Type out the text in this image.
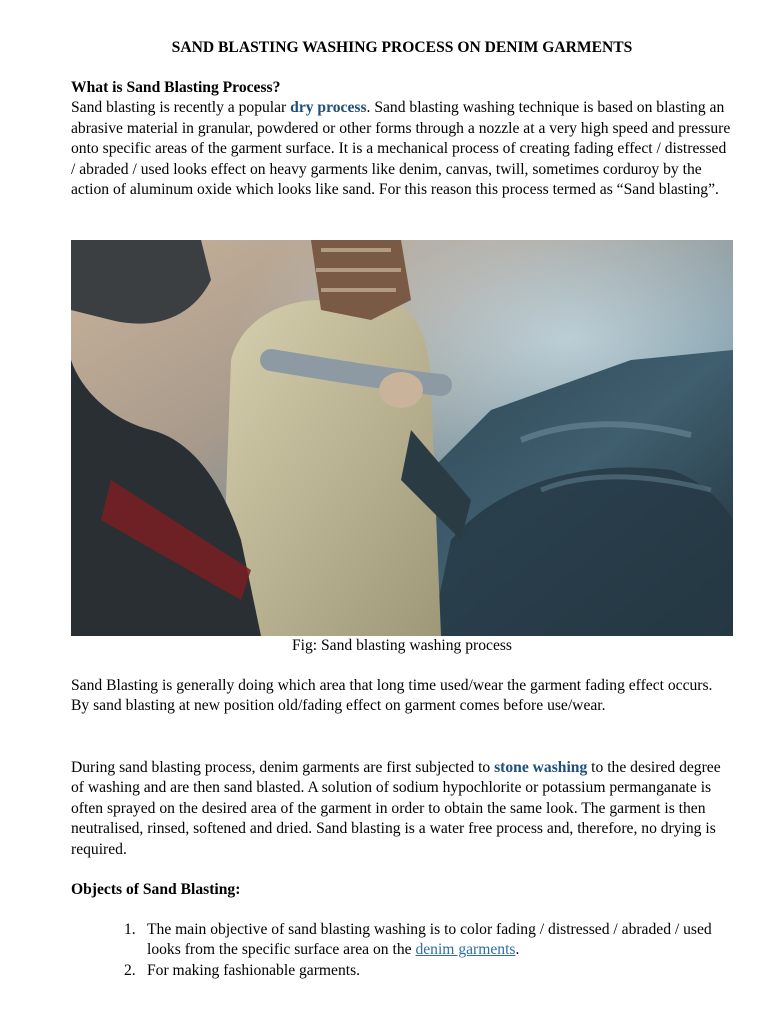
SAND BLASTING WASHING PROCESS ON DENIM GARMENTS
What is Sand Blasting Process?

Sand blasting is recently a popular dry process. Sand blasting washing technique is based on blasting an abrasive material in granular, powdered or other forms through a nozzle at a very high speed and pressure onto specific areas of the garment surface. It is a mechanical process of creating fading effect / distressed / abraded / used looks effect on heavy garments like denim, canvas, twill, sometimes corduroy by the action of aluminum oxide which looks like sand. For this reason this process termed as “Sand blasting”.

Fig: Sand blasting washing process

Sand Blasting is generally doing which area that long time used/wear the garment fading effect occurs. By sand blasting at new position old/fading effect on garment comes before use/wear.

During sand blasting process, denim garments are first subjected to stone washing to the desired degree of washing and are then sand blasted. A solution of sodium hypochlorite or potassium permanganate is often sprayed on the desired area of the garment in order to obtain the same look. The garment is then neutralised, rinsed, softened and dried. Sand blasting is a water free process and, therefore, no drying is required.

Objects of Sand Blasting:
1. The main objective of sand blasting washing is to color fading / distressed / abraded / used looks from the specific surface area on the denim garments.
2. For making fashionable garments.
